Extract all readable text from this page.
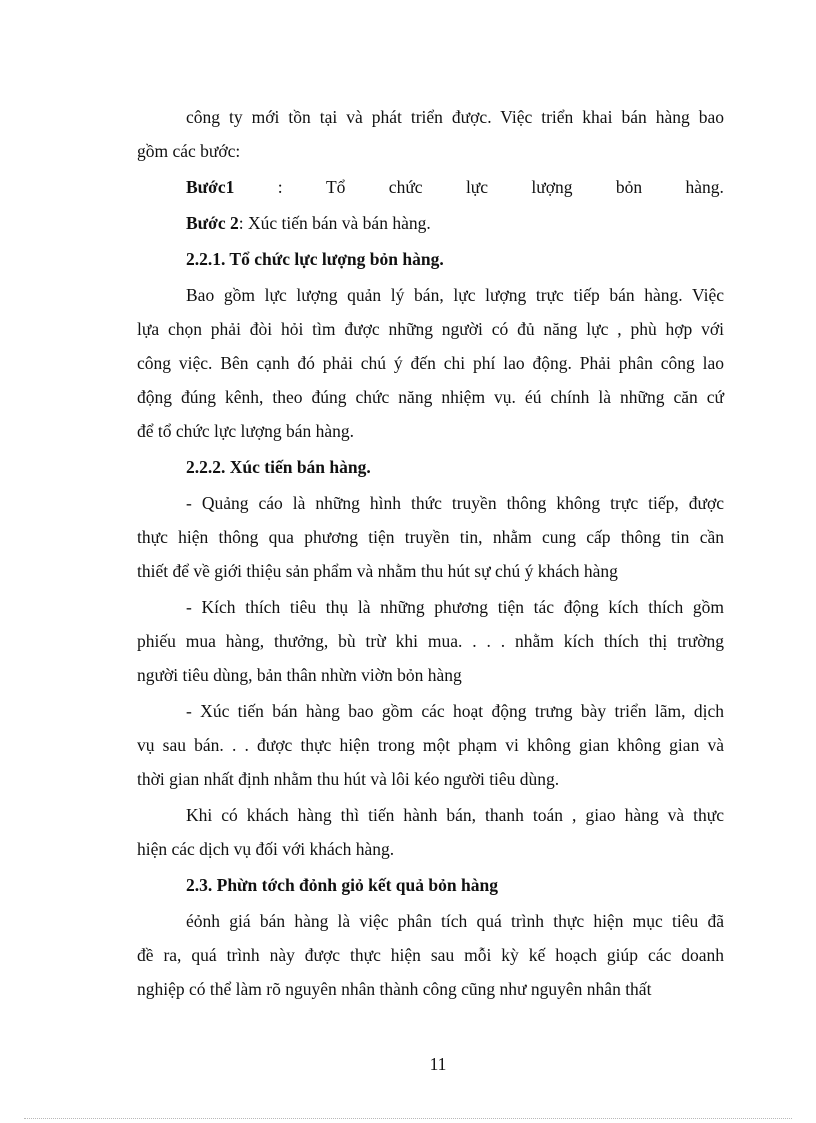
công ty mới tồn tại và phát triển được. Việc triển khai bán hàng bao
gồm các bước:
Bước1 : Tổ chức lực lượng bỏn hàng.

Bước 2: Xúc tiến bán và bán hàng.

2.2.1. Tổ chức lực lượng bỏn hàng.

Bao gồm lực lượng quản lý bán, lực lượng trực tiếp bán hàng. Việc
lựa chọn phải đòi hỏi tìm được những người có đủ năng lực , phù hợp với
công việc. Bên cạnh đó phải chú ý đến chi phí lao động. Phải phân công lao
động đúng kênh, theo đúng chức năng nhiệm vụ. éú chính là những căn cứ
để tổ chức lực lượng bán hàng.

2.2.2. Xúc tiến bán hàng.

- Quảng cáo là những hình thức truyền thông không trực tiếp, được
thực hiện thông qua phương tiện truyền tin, nhằm cung cấp thông tin cần
thiết để về giới thiệu sản phẩm và nhằm thu hút sự chú ý khách hàng
- Kích thích tiêu thụ là những phương tiện tác động kích thích gồm
phiếu mua hàng, thưởng, bù trừ khi mua. . . . nhằm kích thích thị trường
người tiêu dùng, bản thân nhừn viờn bỏn hàng
- Xúc tiến bán hàng bao gồm các hoạt động trưng bày triển lãm, dịch
vụ sau bán. . . được thực hiện trong một phạm vi không gian không gian và
thời gian nhất định nhằm thu hút và lôi kéo người tiêu dùng.
Khi có khách hàng thì tiến hành bán, thanh toán , giao hàng và thực
hiện các dịch vụ đối với khách hàng.

2.3. Phừn tớch đỏnh giỏ kết quả bỏn hàng

éỏnh giá bán hàng là việc phân tích quá trình thực hiện mục tiêu đã
đề ra, quá trình này được thực hiện sau mỗi kỳ kế hoạch giúp các doanh
nghiệp có thể làm rõ nguyên nhân thành công cũng như nguyên nhân thất
11
